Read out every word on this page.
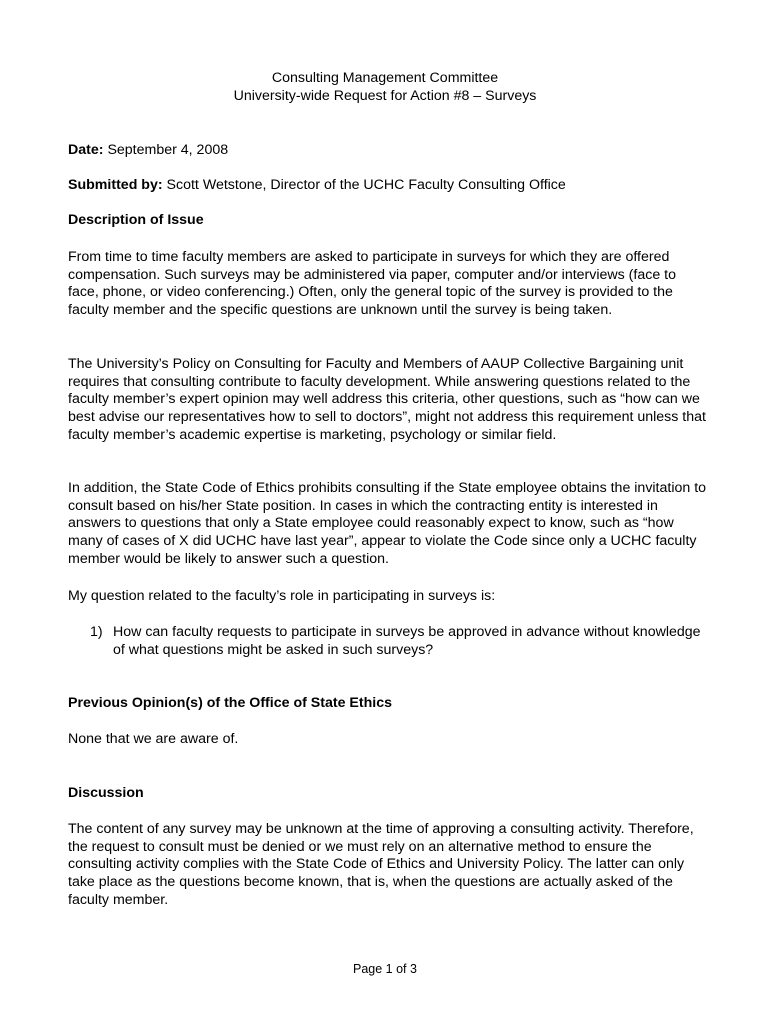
Consulting Management Committee
University-wide Request for Action #8 – Surveys
Date: September 4, 2008
Submitted by: Scott Wetstone, Director of the UCHC Faculty Consulting Office
Description of Issue

From time to time faculty members are asked to participate in surveys for which they are offered compensation. Such surveys may be administered via paper, computer and/or interviews (face to face, phone, or video conferencing.) Often, only the general topic of the survey is provided to the faculty member and the specific questions are unknown until the survey is being taken.

The University’s Policy on Consulting for Faculty and Members of AAUP Collective Bargaining unit requires that consulting contribute to faculty development. While answering questions related to the faculty member’s expert opinion may well address this criteria, other questions, such as “how can we best advise our representatives how to sell to doctors”, might not address this requirement unless that faculty member’s academic expertise is marketing, psychology or similar field.

In addition, the State Code of Ethics prohibits consulting if the State employee obtains the invitation to consult based on his/her State position. In cases in which the contracting entity is interested in answers to questions that only a State employee could reasonably expect to know, such as “how many of cases of X did UCHC have last year”, appear to violate the Code since only a UCHC faculty member would be likely to answer such a question.

My question related to the faculty’s role in participating in surveys is:

1) How can faculty requests to participate in surveys be approved in advance without knowledge of what questions might be asked in such surveys?
Previous Opinion(s) of the Office of State Ethics
None that we are aware of.
Discussion

The content of any survey may be unknown at the time of approving a consulting activity. Therefore, the request to consult must be denied or we must rely on an alternative method to ensure the consulting activity complies with the State Code of Ethics and University Policy. The latter can only take place as the questions become known, that is, when the questions are actually asked of the faculty member.

Page 1 of 3
